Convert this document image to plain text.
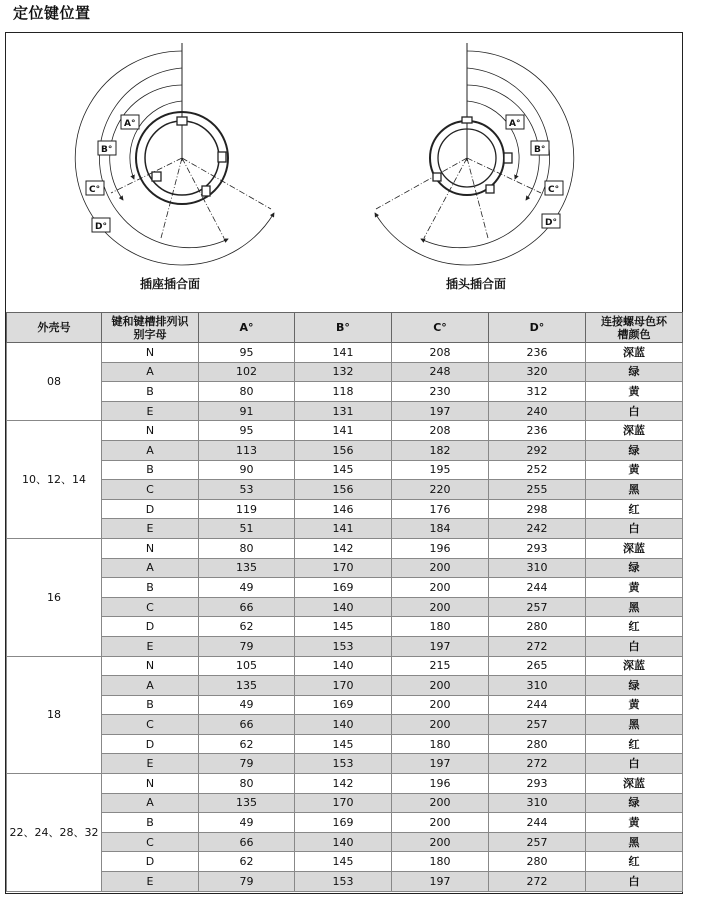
定位键位置
A°
B°
C°
D°
A°
B°
C°
D°
插座插合面	插头插合面
外壳号	键和键槽排列识别字母	A°	B°	C°	D°	连接螺母色环槽颜色
08	N	95	141	208	236	深蓝
	A	102	132	248	320	绿
	B	80	118	230	312	黄
	E	91	131	197	240	白
10、12、14	N	95	141	208	236	深蓝
	A	113	156	182	292	绿
	B	90	145	195	252	黄
	C	53	156	220	255	黑
	D	119	146	176	298	红
	E	51	141	184	242	白
16	N	80	142	196	293	深蓝
	A	135	170	200	310	绿
	B	49	169	200	244	黄
	C	66	140	200	257	黑
	D	62	145	180	280	红
	E	79	153	197	272	白
18	N	105	140	215	265	深蓝
	A	135	170	200	310	绿
	B	49	169	200	244	黄
	C	66	140	200	257	黑
	D	62	145	180	280	红
	E	79	153	197	272	白
22、24、28、32	N	80	142	196	293	深蓝
	A	135	170	200	310	绿
	B	49	169	200	244	黄
	C	66	140	200	257	黑
	D	62	145	180	280	红
	E	79	153	197	272	白
